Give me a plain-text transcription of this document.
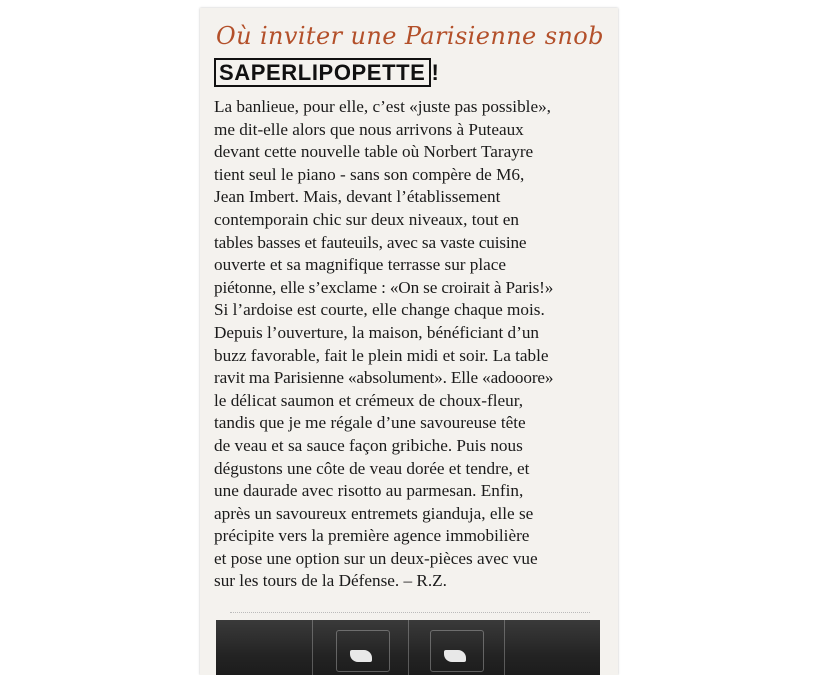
Où inviter une Parisienne snob
SAPERLIPOPETTE !

La banlieue, pour elle, c’est «juste pas possible»,
me dit-elle alors que nous arrivons à Puteaux
devant cette nouvelle table où Norbert Tarayre
tient seul le piano - sans son compère de M6,
Jean Imbert. Mais, devant l’établissement
contemporain chic sur deux niveaux, tout en
tables basses et fauteuils, avec sa vaste cuisine
ouverte et sa magnifique terrasse sur place
piétonne, elle s’exclame : «On se croirait à Paris!»
Si l’ardoise est courte, elle change chaque mois.
Depuis l’ouverture, la maison, bénéficiant d’un
buzz favorable, fait le plein midi et soir. La table
ravit ma Parisienne «absolument». Elle «adooore»
le délicat saumon et crémeux de choux-fleur,
tandis que je me régale d’une savoureuse tête
de veau et sa sauce façon gribiche. Puis nous
dégustons une côte de veau dorée et tendre, et
une daurade avec risotto au parmesan. Enfin,
après un savoureux entremets gianduja, elle se
précipite vers la première agence immobilière
et pose une option sur un deux-pièces avec vue
sur les tours de la Défense. – R.Z.
